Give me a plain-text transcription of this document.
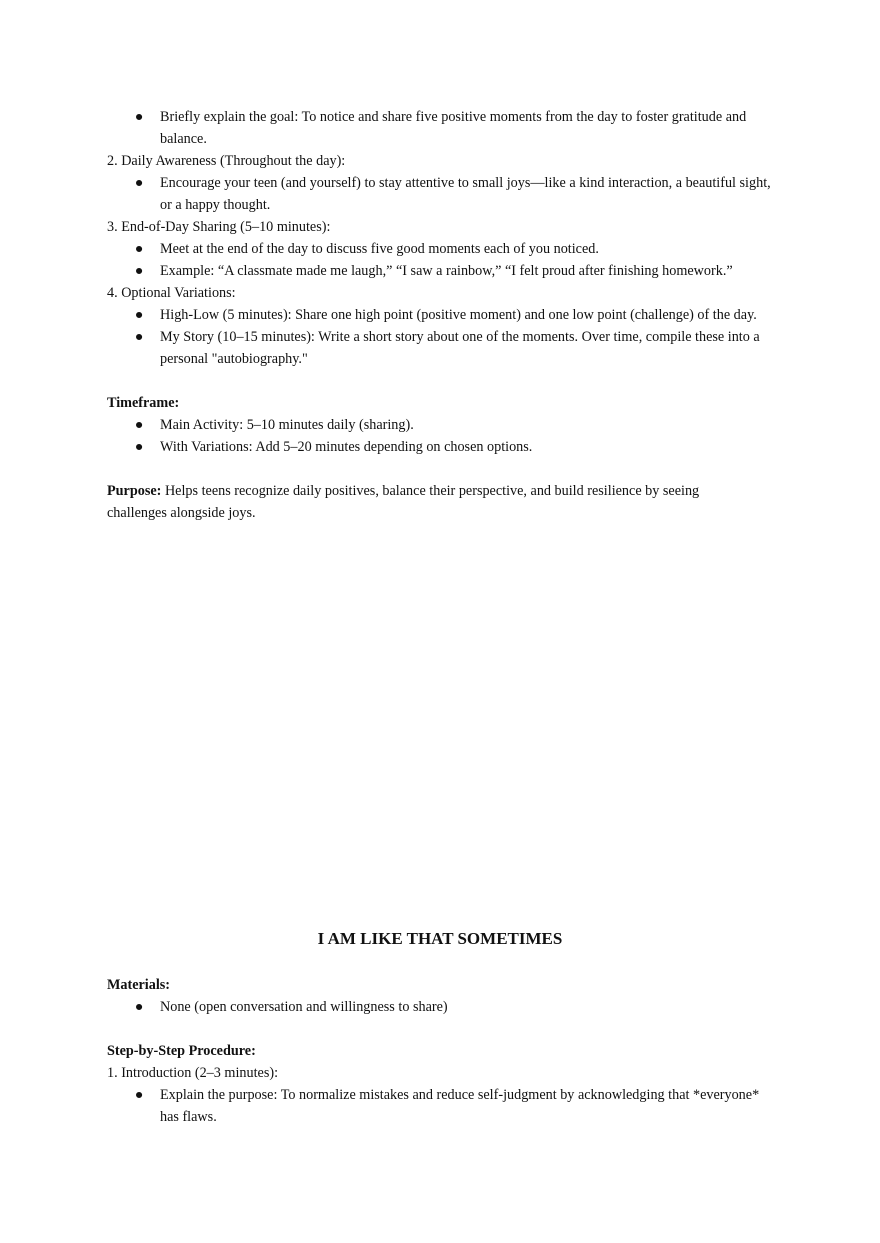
● Briefly explain the goal: To notice and share five positive moments from the day to foster gratitude and balance.
2. Daily Awareness (Throughout the day):
● Encourage your teen (and yourself) to stay attentive to small joys—like a kind interaction, a beautiful sight, or a happy thought.
3. End-of-Day Sharing (5–10 minutes):
● Meet at the end of the day to discuss five good moments each of you noticed.
● Example: “A classmate made me laugh,” “I saw a rainbow,” “I felt proud after finishing homework.”
4. Optional Variations:
● High-Low (5 minutes): Share one high point (positive moment) and one low point (challenge) of the day.
● My Story (10–15 minutes): Write a short story about one of the moments. Over time, compile these into a personal "autobiography."
Timeframe:
● Main Activity: 5–10 minutes daily (sharing).
● With Variations: Add 5–20 minutes depending on chosen options.
Purpose: Helps teens recognize daily positives, balance their perspective, and build resilience by seeing challenges alongside joys.
I AM LIKE THAT SOMETIMES
Materials:
● None (open conversation and willingness to share)
Step-by-Step Procedure:
1. Introduction (2–3 minutes):
● Explain the purpose: To normalize mistakes and reduce self-judgment by acknowledging that *everyone* has flaws.
